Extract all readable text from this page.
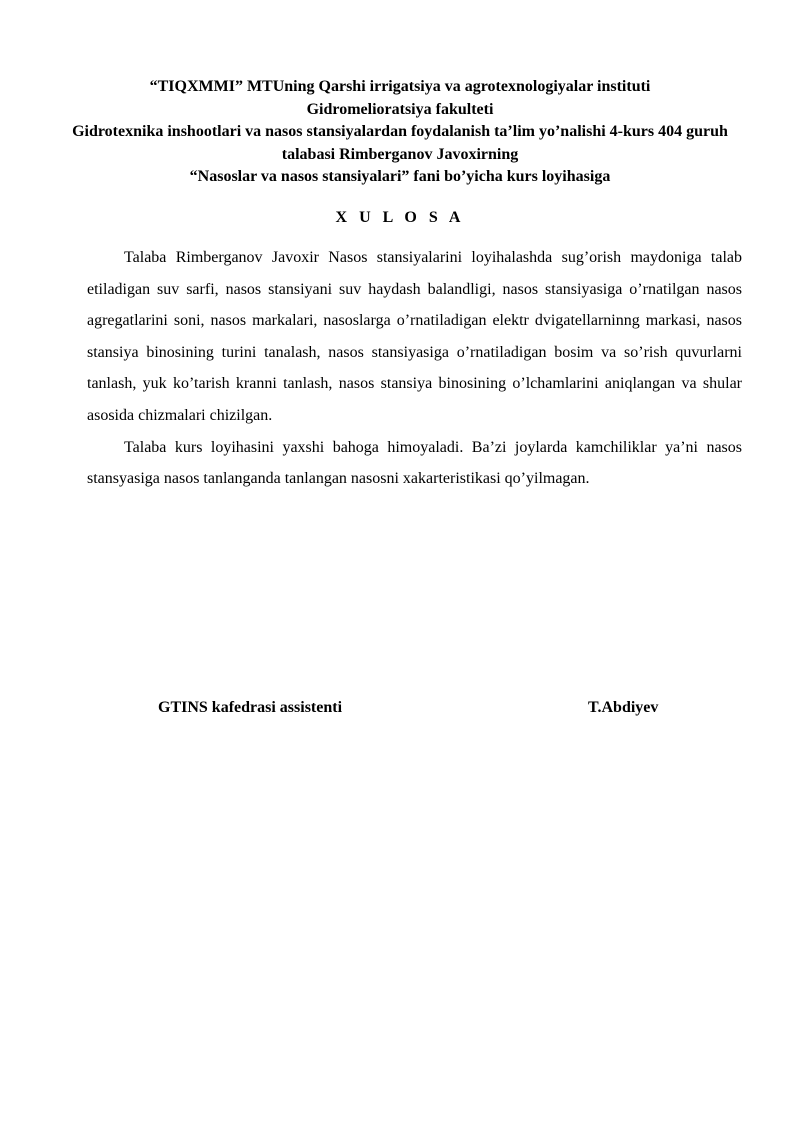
“TIQXMMI” MTUning Qarshi irrigatsiya va agrotexnologiyalar instituti
Gidromelioratsiya fakulteti
Gidrotexnika inshootlari va nasos stansiyalardan foydalanish ta’lim yo’nalishi 4-kurs 404 guruh talabasi Rimberganov Javoxirning
“Nasoslar va nasos stansiyalari” fani bo’yicha kurs loyihasiga
X U L O S A

Talaba Rimberganov Javoxir Nasos stansiyalarini loyihalashda sug’orish maydoniga talab etiladigan suv sarfi, nasos stansiyani suv haydash balandligi, nasos stansiyasiga o’rnatilgan nasos agregatlarini soni, nasos markalari, nasoslarga o’rnatiladigan elektr dvigatellarninng markasi, nasos stansiya binosining turini tanalash, nasos stansiyasiga o’rnatiladigan bosim va so’rish quvurlarni tanlash, yuk ko’tarish kranni tanlash, nasos stansiya binosining o’lchamlarini aniqlangan va shular asosida chizmalari chizilgan.

Talaba kurs loyihasini yaxshi bahoga himoyaladi. Ba’zi joylarda kamchiliklar ya’ni nasos stansyasiga nasos tanlanganda tanlangan nasosni xakarteristikasi qo’yilmagan.

GTINS kafedrasi assistenti	T.Abdiyev
